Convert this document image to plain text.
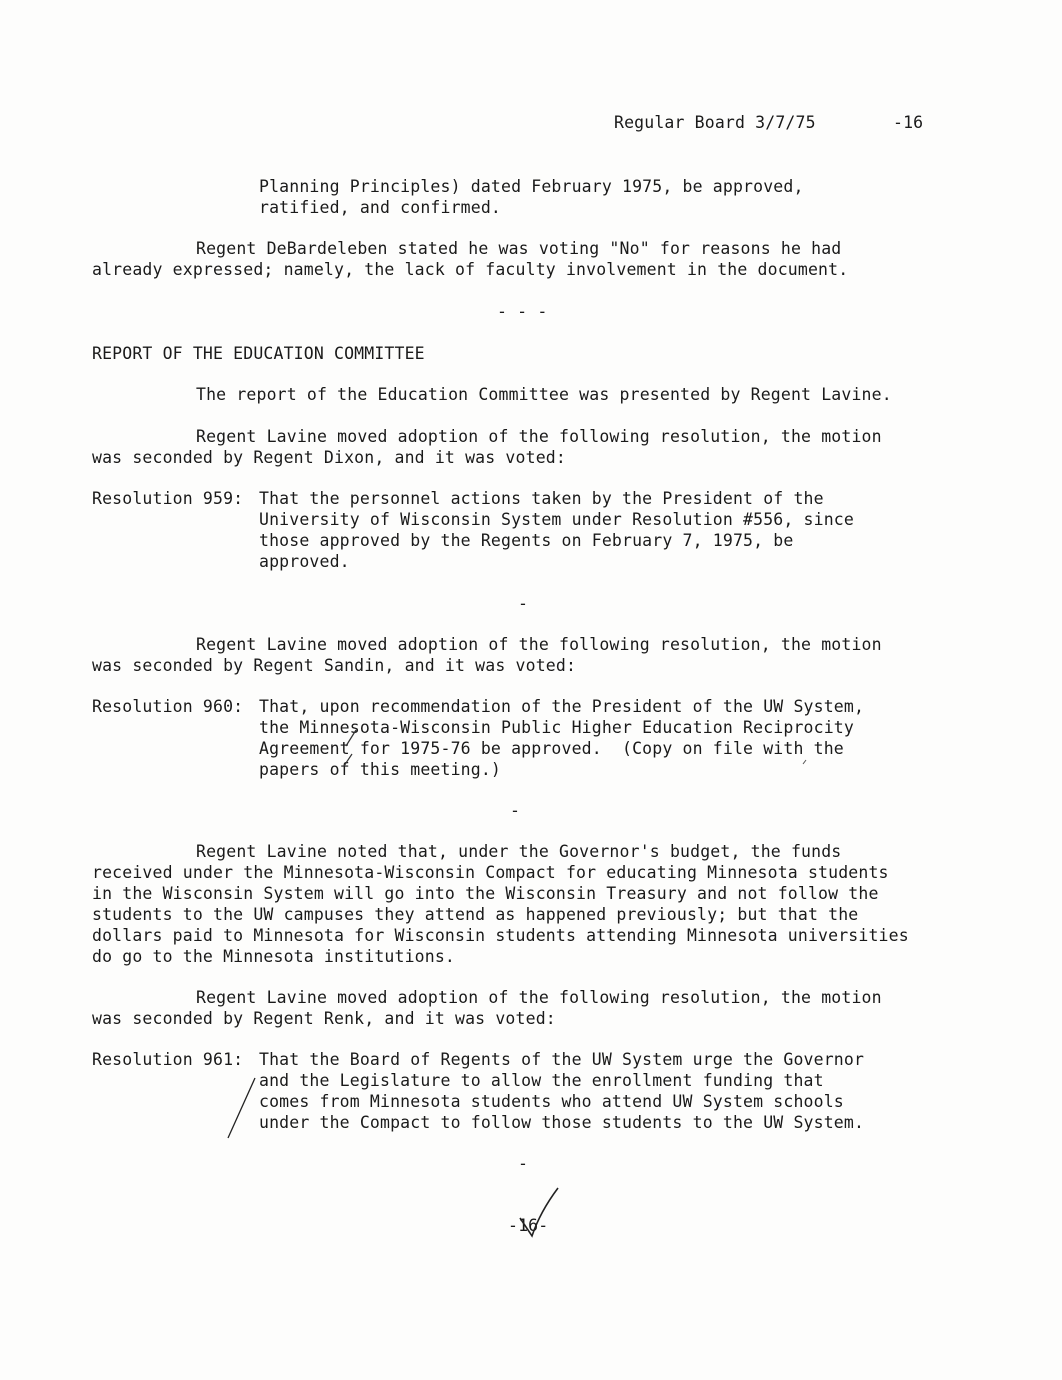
Regular Board 3/7/75	-16
Planning Principles) dated February 1975, be approved,
ratified, and confirmed.
Regent DeBardeleben stated he was voting "No" for reasons he had
already expressed; namely, the lack of faculty involvement in the document.
- - -
REPORT OF THE EDUCATION COMMITTEE
The report of the Education Committee was presented by Regent Lavine.
Regent Lavine moved adoption of the following resolution, the motion
was seconded by Regent Dixon, and it was voted:
Resolution 959: That the personnel actions taken by the President of the
University of Wisconsin System under Resolution #556, since
those approved by the Regents on February 7, 1975, be
approved.
-
Regent Lavine moved adoption of the following resolution, the motion
was seconded by Regent Sandin, and it was voted:
Resolution 960: That, upon recommendation of the President of the UW System,
the Minnesota-Wisconsin Public Higher Education Reciprocity
Agreement for 1975-76 be approved.  (Copy on file with the
papers of this meeting.)
-
Regent Lavine noted that, under the Governor's budget, the funds
received under the Minnesota-Wisconsin Compact for educating Minnesota students
in the Wisconsin System will go into the Wisconsin Treasury and not follow the
students to the UW campuses they attend as happened previously; but that the
dollars paid to Minnesota for Wisconsin students attending Minnesota universities
do go to the Minnesota institutions.
Regent Lavine moved adoption of the following resolution, the motion
was seconded by Regent Renk, and it was voted:
Resolution 961: That the Board of Regents of the UW System urge the Governor
and the Legislature to allow the enrollment funding that
comes from Minnesota students who attend UW System schools
under the Compact to follow those students to the UW System.
-
-16-
